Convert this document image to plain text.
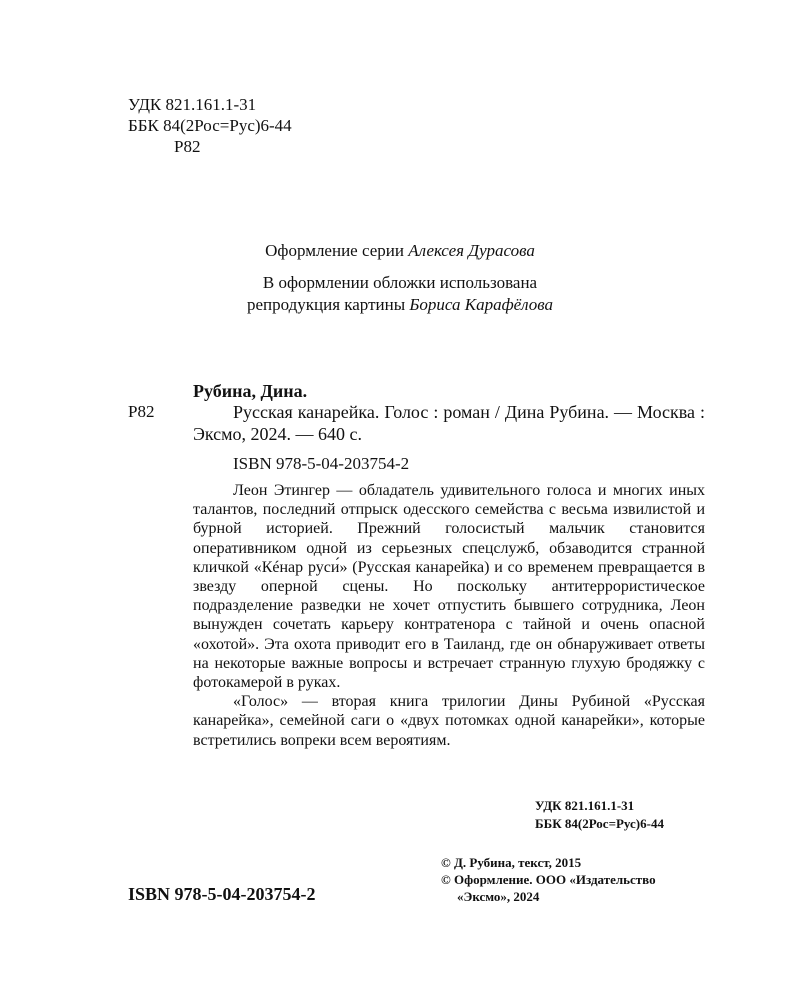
УДК 821.161.1-31
ББК 84(2Рос=Рус)6-44
Р82

Оформление серии Алексея Дурасова

В оформлении обложки использована
репродукция картины Бориса Карафёлова

Рубина, Дина.
Р82	Русская канарейка. Голос : роман / Дина Рубина. — Москва : Эксмо, 2024. — 640 с.

ISBN 978-5-04-203754-2

Леон Этингер — обладатель удивительного голоса и многих иных талантов, последний отпрыск одесского семейства с весьма извилистой и бурной историей. Прежний голосистый мальчик становится оперативником одной из серьезных спецслужб, обзаводится странной кличкой «Кéнар руси́» (Русская канарейка) и со временем превращается в звезду оперной сцены. Но поскольку антитеррористическое подразделение разведки не хочет отпустить бывшего сотрудника, Леон вынужден сочетать карьеру контратенора с тайной и очень опасной «охотой». Эта охота приводит его в Таиланд, где он обнаруживает ответы на некоторые важные вопросы и встречает странную глухую бродяжку с фотокамерой в руках.

«Голос» — вторая книга трилогии Дины Рубиной «Русская канарейка», семейной саги о «двух потомках одной канарейки», которые встретились вопреки всем вероятиям.

УДК 821.161.1-31
ББК 84(2Рос=Рус)6-44
© Д. Рубина, текст, 2015
© Оформление. ООО «Издательство
«Эксмо», 2024
ISBN 978-5-04-203754-2
